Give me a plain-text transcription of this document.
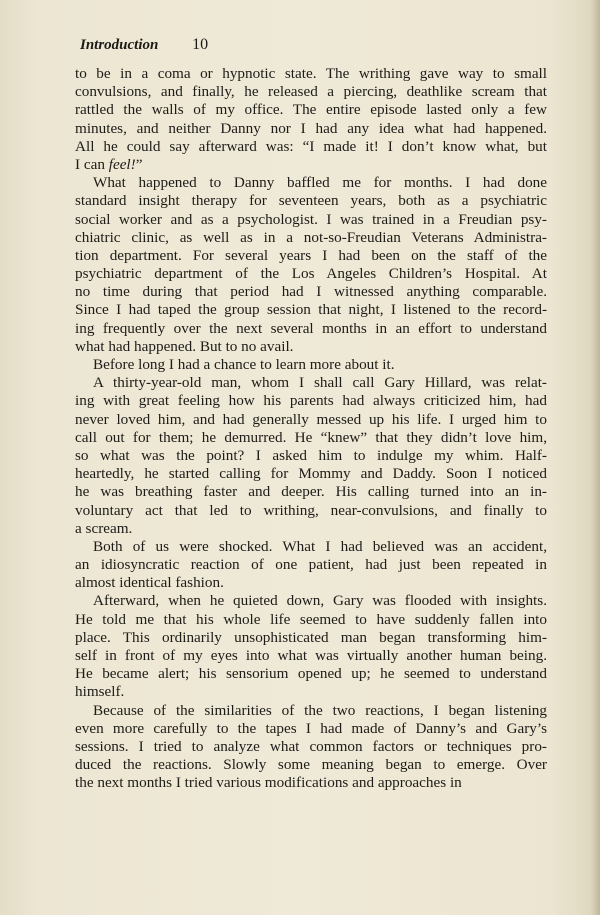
Introduction 10
to be in a coma or hypnotic state. The writhing gave way to small
convulsions, and finally, he released a piercing, deathlike scream that
rattled the walls of my office. The entire episode lasted only a few
minutes, and neither Danny nor I had any idea what had happened.
All he could say afterward was: “I made it! I don’t know what, but
I can feel!”
What happened to Danny baffled me for months. I had done
standard insight therapy for seventeen years, both as a psychiatric
social worker and as a psychologist. I was trained in a Freudian psy-
chiatric clinic, as well as in a not-so-Freudian Veterans Administra-
tion department. For several years I had been on the staff of the
psychiatric department of the Los Angeles Children’s Hospital. At
no time during that period had I witnessed anything comparable.
Since I had taped the group session that night, I listened to the record-
ing frequently over the next several months in an effort to understand
what had happened. But to no avail.
Before long I had a chance to learn more about it.
A thirty-year-old man, whom I shall call Gary Hillard, was relat-
ing with great feeling how his parents had always criticized him, had
never loved him, and had generally messed up his life. I urged him to
call out for them; he demurred. He “knew” that they didn’t love him,
so what was the point? I asked him to indulge my whim. Half-
heartedly, he started calling for Mommy and Daddy. Soon I noticed
he was breathing faster and deeper. His calling turned into an in-
voluntary act that led to writhing, near-convulsions, and finally to
a scream.
Both of us were shocked. What I had believed was an accident,
an idiosyncratic reaction of one patient, had just been repeated in
almost identical fashion.
Afterward, when he quieted down, Gary was flooded with insights.
He told me that his whole life seemed to have suddenly fallen into
place. This ordinarily unsophisticated man began transforming him-
self in front of my eyes into what was virtually another human being.
He became alert; his sensorium opened up; he seemed to understand
himself.
Because of the similarities of the two reactions, I began listening
even more carefully to the tapes I had made of Danny’s and Gary’s
sessions. I tried to analyze what common factors or techniques pro-
duced the reactions. Slowly some meaning began to emerge. Over
the next months I tried various modifications and approaches in
